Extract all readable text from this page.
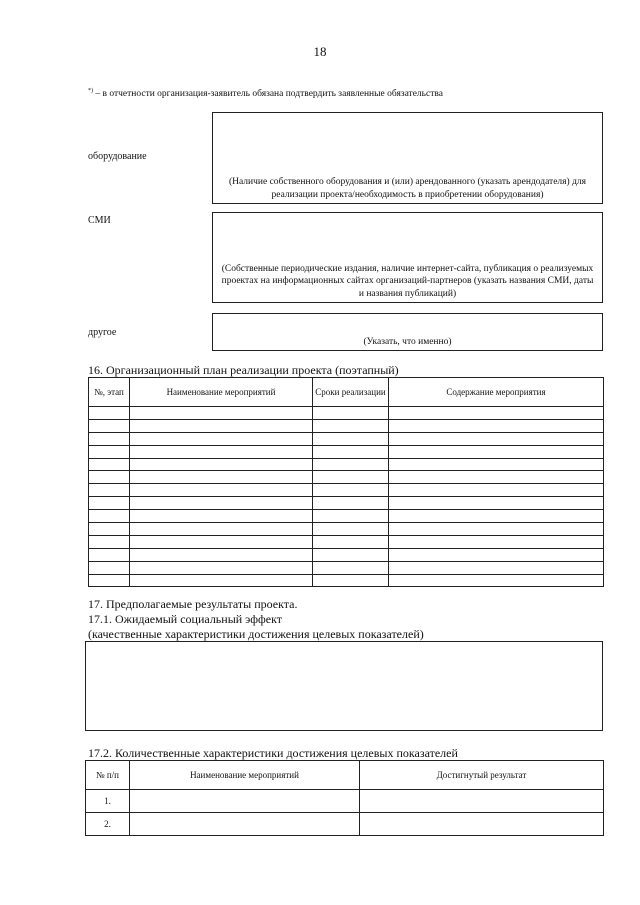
18
*) – в отчетности организация-заявитель обязана подтвердить заявленные обязательства
оборудование
(Наличие собственного оборудования и (или) арендованного (указать арендодателя) для реализации проекта/необходимость в приобретении оборудования)
СМИ
(Собственные периодические издания, наличие интернет-сайта, публикация о реализуемых проектах на информационных сайтах организаций-партнеров (указать названия СМИ, даты и названия публикаций)
другое
(Указать, что именно)
16. Организационный план реализации проекта (поэтапный)
№, этап	Наименование мероприятий	Сроки реализации	Содержание мероприятия

17. Предполагаемые результаты проекта.
17.1. Ожидаемый социальный эффект
(качественные характеристики достижения целевых показателей)
17.2. Количественные характеристики достижения целевых показателей
№ п/п	Наименование мероприятий	Достигнутый результат
1.		
2.		
